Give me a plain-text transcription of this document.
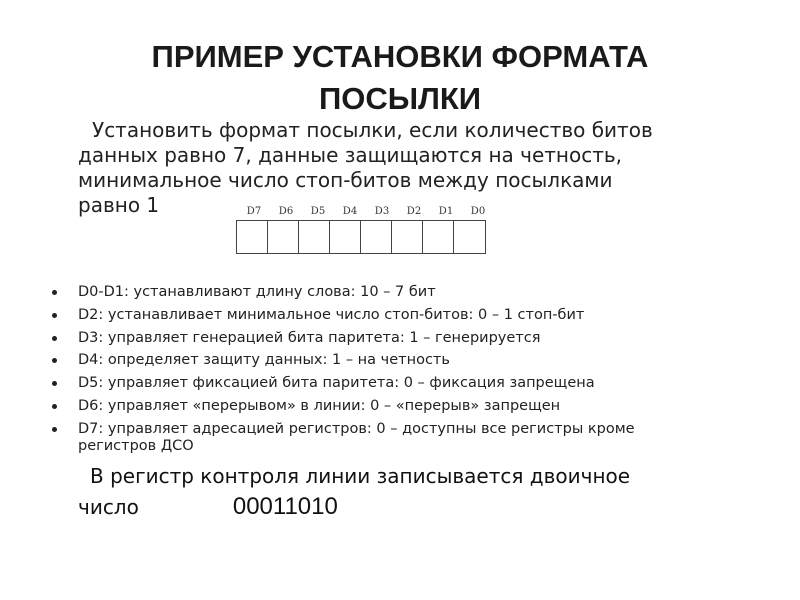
ПРИМЕР УСТАНОВКИ ФОРМАТА
ПОСЫЛКИ
Установить формат посылки, если количество битов
данных равно 7, данные защищаются на четность,
минимальное число стоп-битов между посылками
равно 1	D7	D6	D5	D4	D3	D2	D1	D0
D0-D1: устанавливают длину слова: 10 – 7 бит
D2: устанавливает минимальное число стоп-битов: 0 – 1 стоп-бит
D3: управляет генерацией бита паритета: 1 – генерируется
D4: определяет защиту данных: 1 – на четность
D5: управляет фиксацией бита паритета: 0 – фиксация запрещена
D6: управляет «перерывом» в линии: 0 – «перерыв» запрещен
D7: управляет адресацией регистров: 0 – доступны все регистры кроме
регистров ДСО
В регистр контроля линии записывается двоичное
число	00011010
